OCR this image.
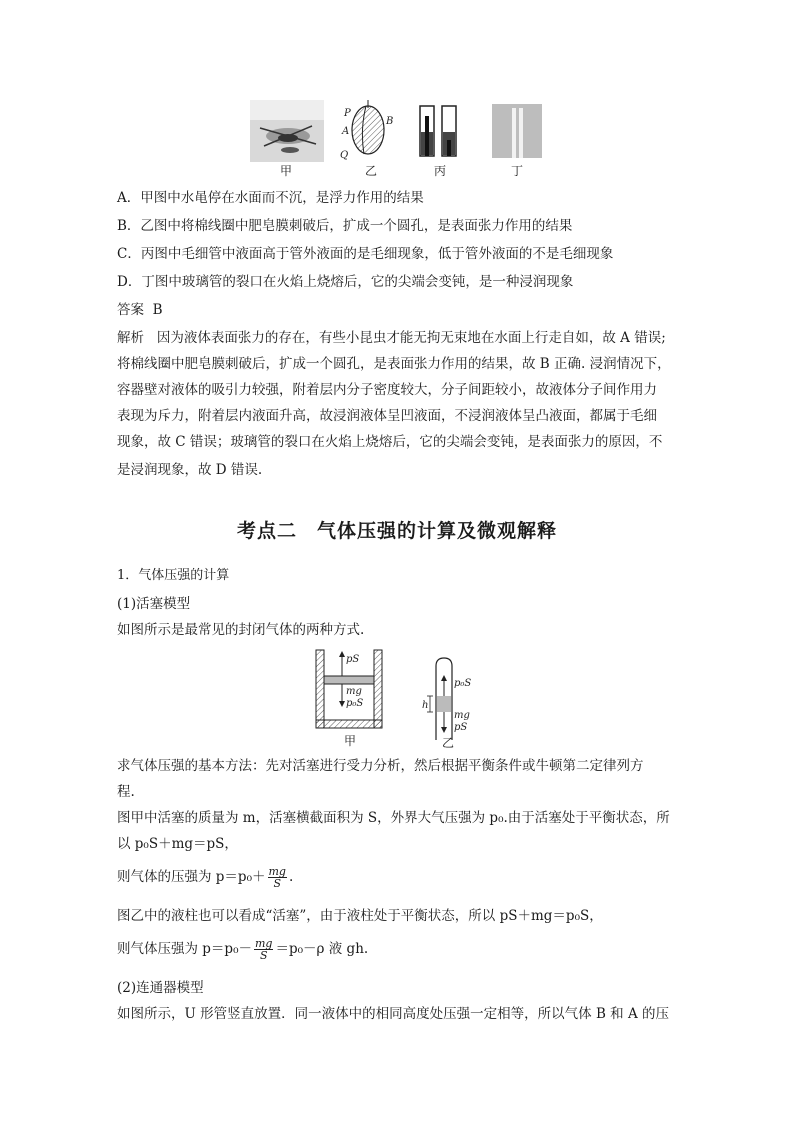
P
A
Q
B
甲	乙	丙	丁
A．甲图中水黾停在水面而不沉，是浮力作用的结果
B．乙图中将棉线圈中肥皂膜刺破后，扩成一个圆孔，是表面张力作用的结果
C．丙图中毛细管中液面高于管外液面的是毛细现象，低于管外液面的不是毛细现象
D．丁图中玻璃管的裂口在火焰上烧熔后，它的尖端会变钝，是一种浸润现象
答案 B
解析 因为液体表面张力的存在，有些小昆虫才能无拘无束地在水面上行走自如，故 A 错误;
将棉线圈中肥皂膜刺破后，扩成一个圆孔，是表面张力作用的结果，故 B 正确. 浸润情况下，
容器壁对液体的吸引力较强，附着层内分子密度较大，分子间距较小，故液体分子间作用力
表现为斥力，附着层内液面升高，故浸润液体呈凹液面，不浸润液体呈凸液面，都属于毛细
现象，故 C 错误；玻璃管的裂口在火焰上烧熔后，它的尖端会变钝，是表面张力的原因，不
是浸润现象，故 D 错误.
考点二　气体压强的计算及微观解释
1．气体压强的计算
(1)活塞模型
如图所示是最常见的封闭气体的两种方式.
pS
mg
p₀S	h
p₀S
mg
pS
甲	乙
求气体压强的基本方法：先对活塞进行受力分析，然后根据平衡条件或牛顿第二定律列方
程.
图甲中活塞的质量为 m，活塞横截面积为 S，外界大气压强为 p₀.由于活塞处于平衡状态，所
以 p₀S＋mg＝pS，
则气体的压强为 $p=p_0+ \frac{mg}{S}$ .
图乙中的液柱也可以看成“活塞”，由于液柱处于平衡状态，所以 pS＋mg＝p₀S，
则气体压强为 $p=p_0- \frac{mg}{S} =p_0-\rho$ 液 gh.
(2)连通器模型
如图所示，U 形管竖直放置．同一液体中的相同高度处压强一定相等，所以气体 B 和 A 的压
